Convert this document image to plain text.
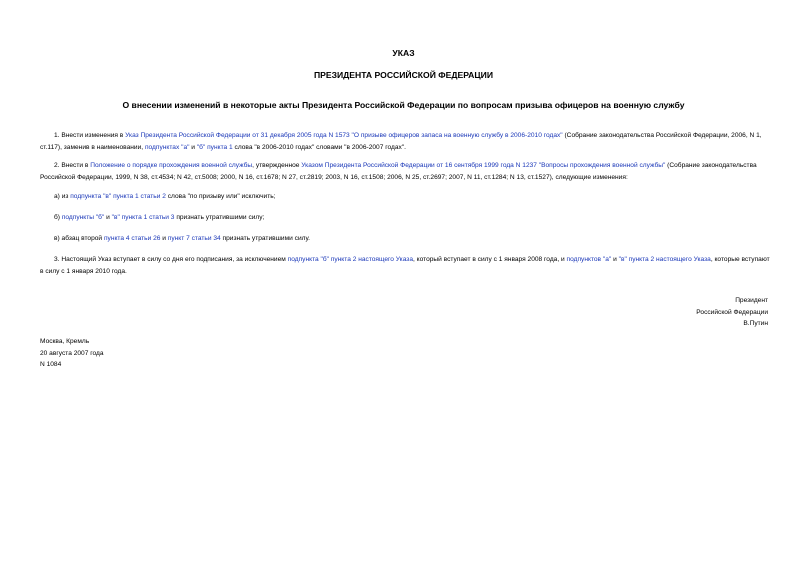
УКАЗ
ПРЕЗИДЕНТА РОССИЙСКОЙ ФЕДЕРАЦИИ
О внесении изменений в некоторые акты Президента Российской Федерации по вопросам призыва офицеров на военную службу
1. Внести изменения в Указ Президента Российской Федерации от 31 декабря 2005 года N 1573 "О призыве офицеров запаса на военную службу в 2006-2010 годах" (Собрание законодательства Российской Федерации, 2006, N 1, ст.117), заменив в наименовании, подпунктах "а" и "б" пункта 1 слова "в 2006-2010 годах" словами "в 2006-2007 годах".
2. Внести в Положение о порядке прохождения военной службы, утвержденное Указом Президента Российской Федерации от 16 сентября 1999 года N 1237 "Вопросы прохождения военной службы" (Собрание законодательства Российской Федерации, 1999, N 38, ст.4534; N 42, ст.5008; 2000, N 16, ст.1678; N 27, ст.2819; 2003, N 16, ст.1508; 2006, N 25, ст.2697; 2007, N 11, ст.1284; N 13, ст.1527), следующие изменения:
а) из подпункта "в" пункта 1 статьи 2 слова "по призыву или" исключить;
б) подпункты "б" и "в" пункта 1 статьи 3 признать утратившими силу;
в) абзац второй пункта 4 статьи 26 и пункт 7 статьи 34 признать утратившими силу.
3. Настоящий Указ вступает в силу со дня его подписания, за исключением подпункта "б" пункта 2 настоящего Указа, который вступает в силу с 1 января 2008 года, и подпунктов "а" и "в" пункта 2 настоящего Указа, которые вступают в силу с 1 января 2010 года.
Президент
Российской Федерации
В.Путин
Москва, Кремль
20 августа 2007 года
N 1084
